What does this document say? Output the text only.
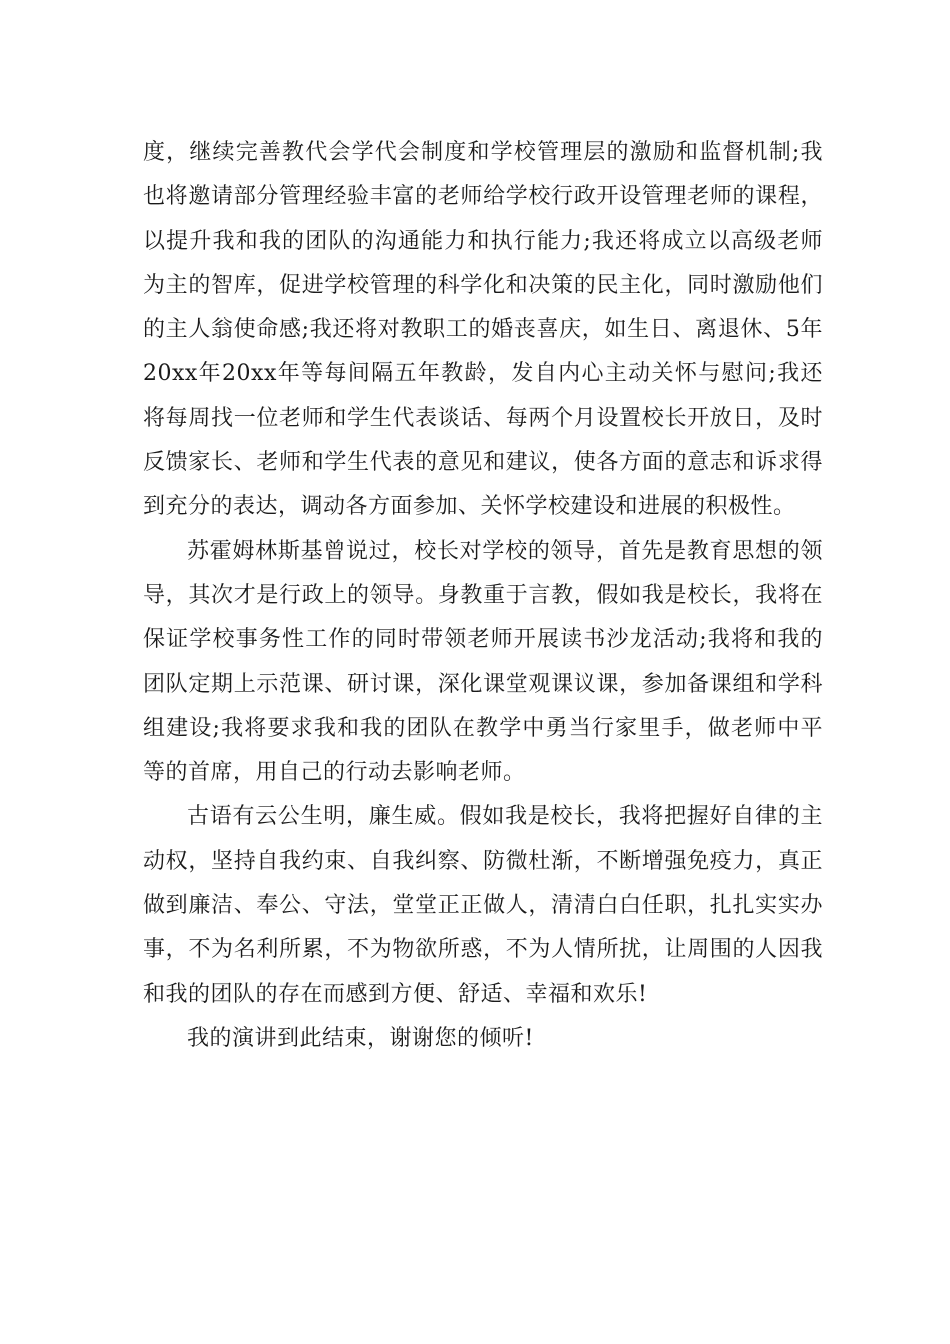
度，继续完善教代会学代会制度和学校管理层的激励和监督机制;我也将邀请部分管理经验丰富的老师给学校行政开设管理老师的课程，以提升我和我的团队的沟通能力和执行能力;我还将成立以高级老师为主的智库，促进学校管理的科学化和决策的民主化，同时激励他们的主人翁使命感;我还将对教职工的婚丧喜庆，如生日、离退休、5年20xx年20xx年等每间隔五年教龄，发自内心主动关怀与慰问;我还将每周找一位老师和学生代表谈话、每两个月设置校长开放日，及时反馈家长、老师和学生代表的意见和建议，使各方面的意志和诉求得到充分的表达，调动各方面参加、关怀学校建设和进展的积极性。

苏霍姆林斯基曾说过，校长对学校的领导，首先是教育思想的领导，其次才是行政上的领导。身教重于言教，假如我是校长，我将在保证学校事务性工作的同时带领老师开展读书沙龙活动;我将和我的团队定期上示范课、研讨课，深化课堂观课议课，参加备课组和学科组建设;我将要求我和我的团队在教学中勇当行家里手，做老师中平等的首席，用自己的行动去影响老师。

古语有云公生明，廉生威。假如我是校长，我将把握好自律的主动权，坚持自我约束、自我纠察、防微杜渐，不断增强免疫力，真正做到廉洁、奉公、守法，堂堂正正做人，清清白白任职，扎扎实实办事，不为名利所累，不为物欲所惑，不为人情所扰，让周围的人因我和我的团队的存在而感到方便、舒适、幸福和欢乐!

我的演讲到此结束，谢谢您的倾听!
